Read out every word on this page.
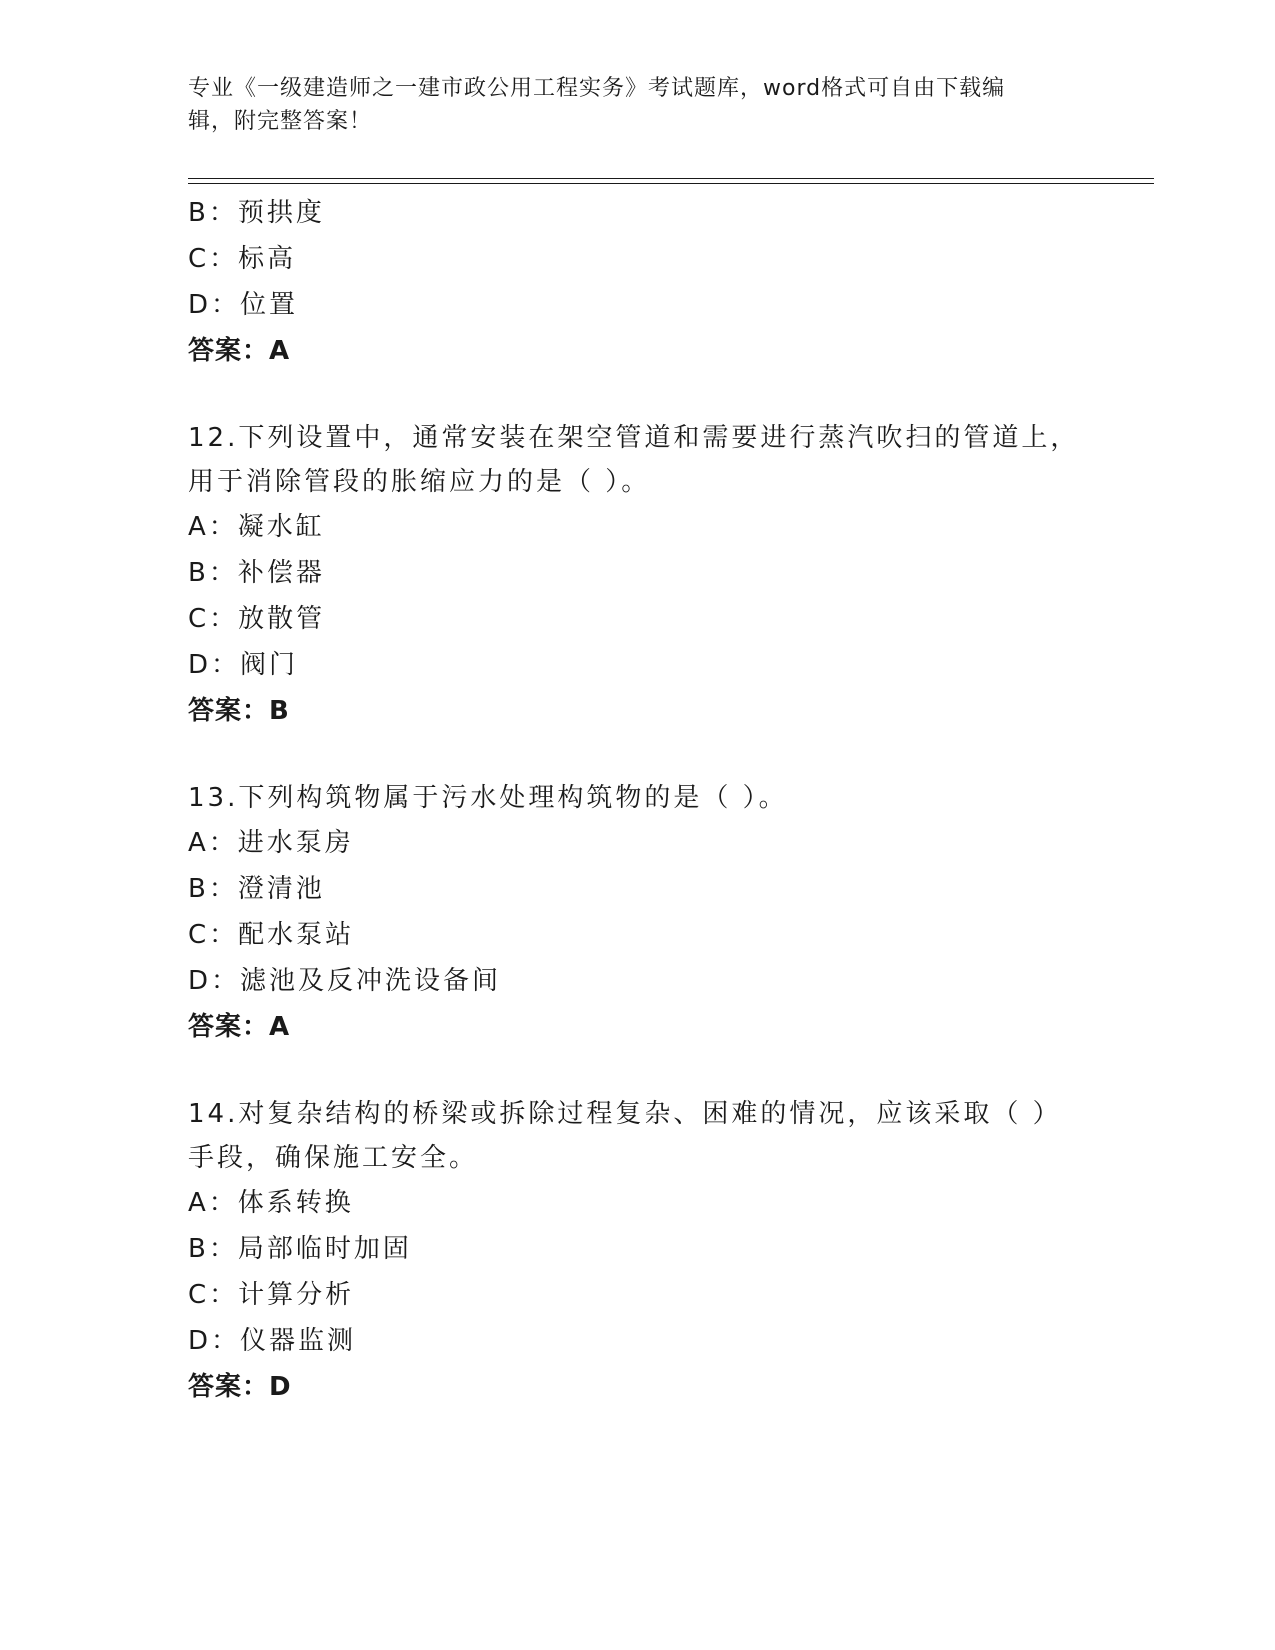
专业《一级建造师之一建市政公用工程实务》考试题库，word格式可自由下载编
辑，附完整答案！
B：预拱度
C：标高
D：位置
答案：A
12.下列设置中，通常安装在架空管道和需要进行蒸汽吹扫的管道上，
用于消除管段的胀缩应力的是（ ）。
A：凝水缸
B：补偿器
C：放散管
D：阀门
答案：B
13.下列构筑物属于污水处理构筑物的是（ ）。
A：进水泵房
B：澄清池
C：配水泵站
D：滤池及反冲洗设备间
答案：A
14.对复杂结构的桥梁或拆除过程复杂、困难的情况，应该采取（ ）
手段，确保施工安全。
A：体系转换
B：局部临时加固
C：计算分析
D：仪器监测
答案：D
